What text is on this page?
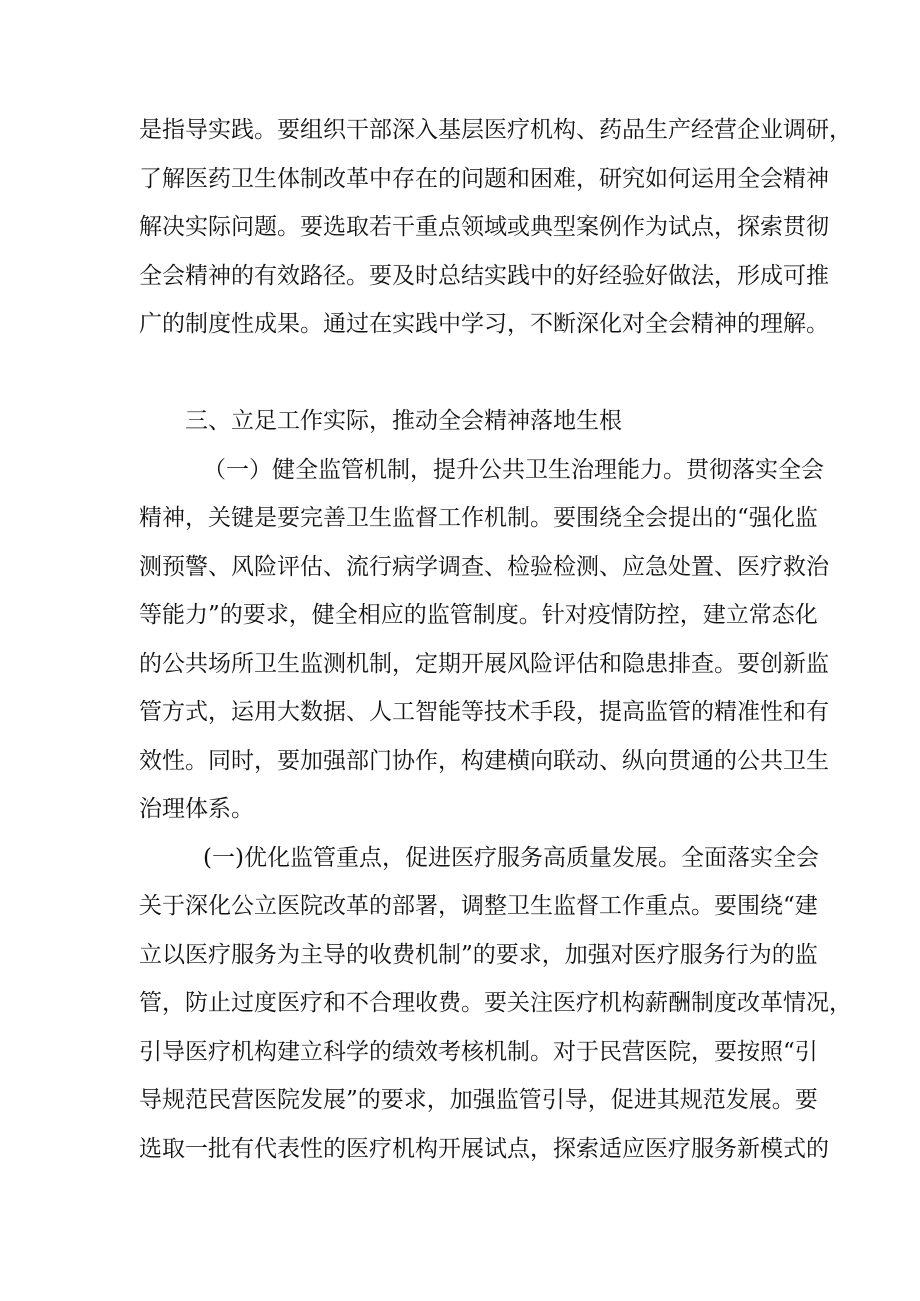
是指导实践。要组织干部深入基层医疗机构、药品生产经营企业调研，
了解医药卫生体制改革中存在的问题和困难，研究如何运用全会精神
解决实际问题。要选取若干重点领域或典型案例作为试点，探索贯彻
全会精神的有效路径。要及时总结实践中的好经验好做法，形成可推
广的制度性成果。通过在实践中学习，不断深化对全会精神的理解。
三、立足工作实际，推动全会精神落地生根
（一）健全监管机制，提升公共卫生治理能力。贯彻落实全会
精神，关键是要完善卫生监督工作机制。要围绕全会提出的“强化监
测预警、风险评估、流行病学调查、检验检测、应急处置、医疗救治
等能力”的要求，健全相应的监管制度。针对疫情防控，建立常态化
的公共场所卫生监测机制，定期开展风险评估和隐患排查。要创新监
管方式，运用大数据、人工智能等技术手段，提高监管的精准性和有
效性。同时，要加强部门协作，构建横向联动、纵向贯通的公共卫生
治理体系。
(一)优化监管重点，促进医疗服务高质量发展。全面落实全会
关于深化公立医院改革的部署，调整卫生监督工作重点。要围绕“建
立以医疗服务为主导的收费机制”的要求，加强对医疗服务行为的监
管，防止过度医疗和不合理收费。要关注医疗机构薪酬制度改革情况，
引导医疗机构建立科学的绩效考核机制。对于民营医院，要按照“引
导规范民营医院发展”的要求，加强监管引导，促进其规范发展。要
选取一批有代表性的医疗机构开展试点，探索适应医疗服务新模式的
